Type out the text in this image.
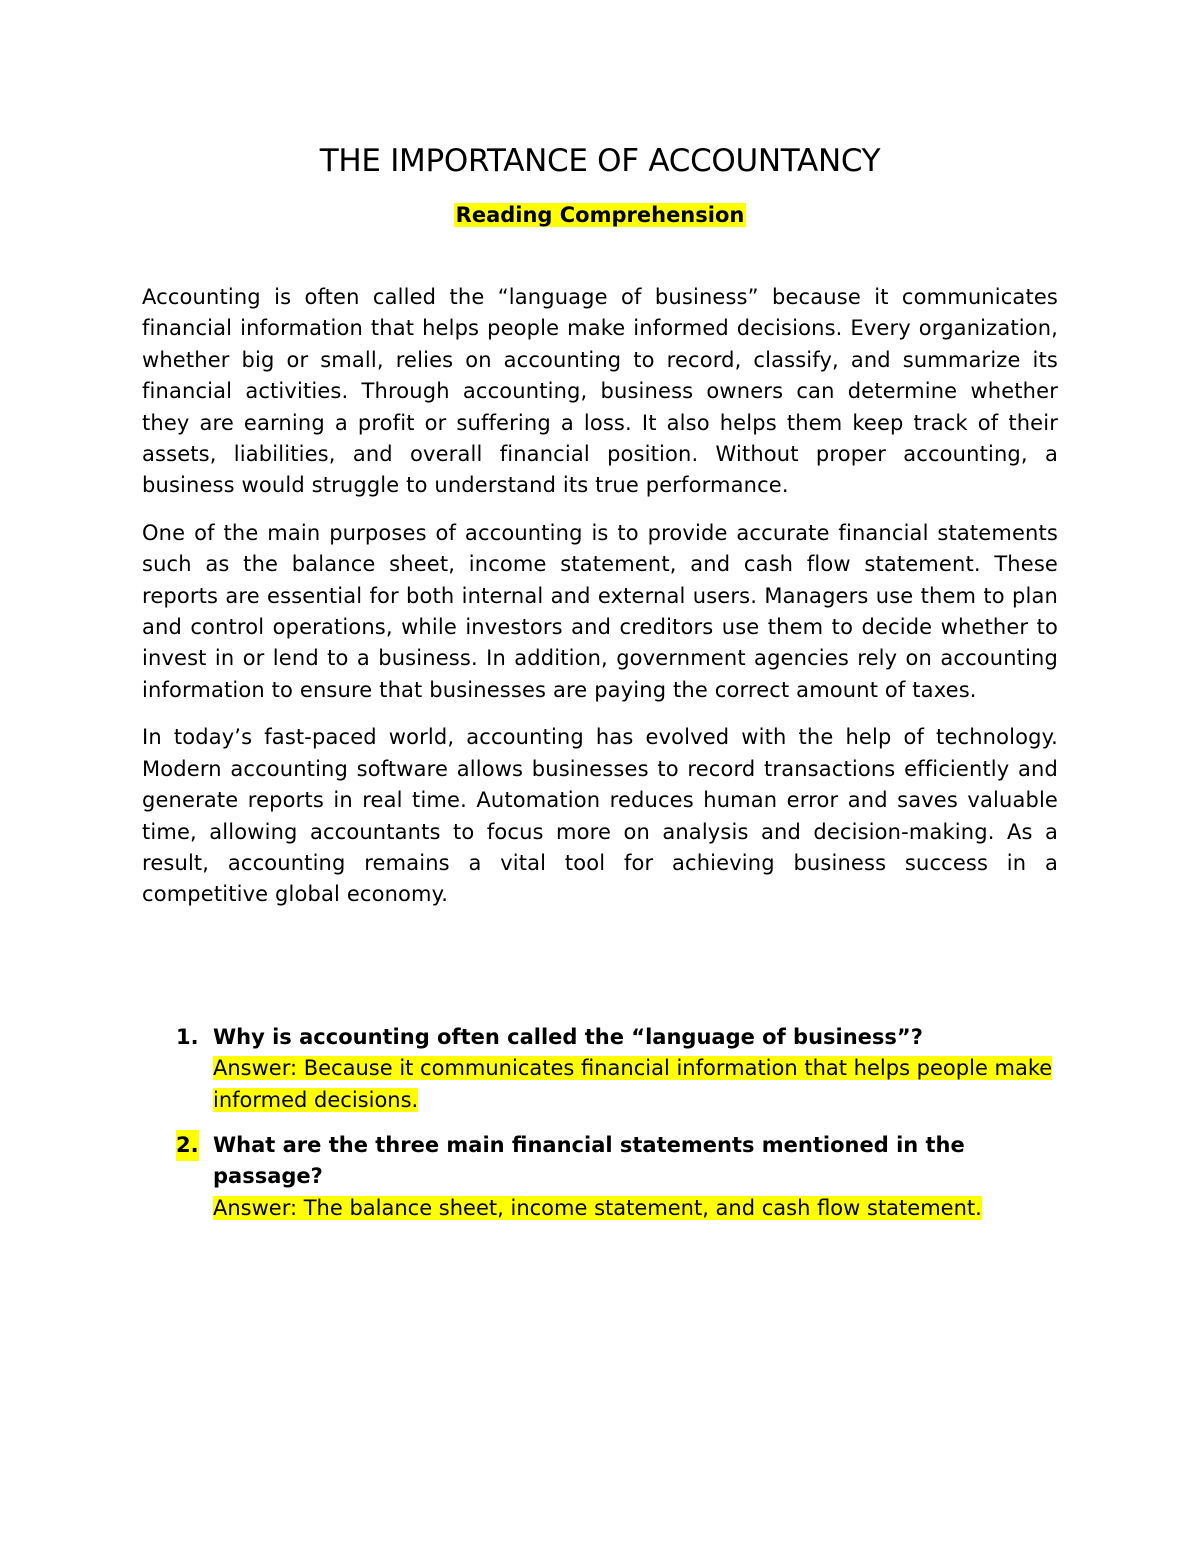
THE IMPORTANCE OF ACCOUNTANCY
Reading Comprehension

Accounting is often called the “language of business” because it communicates financial information that helps people make informed decisions. Every organization, whether big or small, relies on accounting to record, classify, and summarize its financial activities. Through accounting, business owners can determine whether they are earning a profit or suffering a loss. It also helps them keep track of their assets, liabilities, and overall financial position. Without proper accounting, a business would struggle to understand its true performance.

One of the main purposes of accounting is to provide accurate financial statements such as the balance sheet, income statement, and cash flow statement. These reports are essential for both internal and external users. Managers use them to plan and control operations, while investors and creditors use them to decide whether to invest in or lend to a business. In addition, government agencies rely on accounting information to ensure that businesses are paying the correct amount of taxes.

In today’s fast-paced world, accounting has evolved with the help of technology. Modern accounting software allows businesses to record transactions efficiently and generate reports in real time. Automation reduces human error and saves valuable time, allowing accountants to focus more on analysis and decision-making. As a result, accounting remains a vital tool for achieving business success in a competitive global economy.

1. Why is accounting often called the “language of business”?
Answer: Because it communicates financial information that helps people make informed decisions.
2. What are the three main financial statements mentioned in the passage?
Answer: The balance sheet, income statement, and cash flow statement.
